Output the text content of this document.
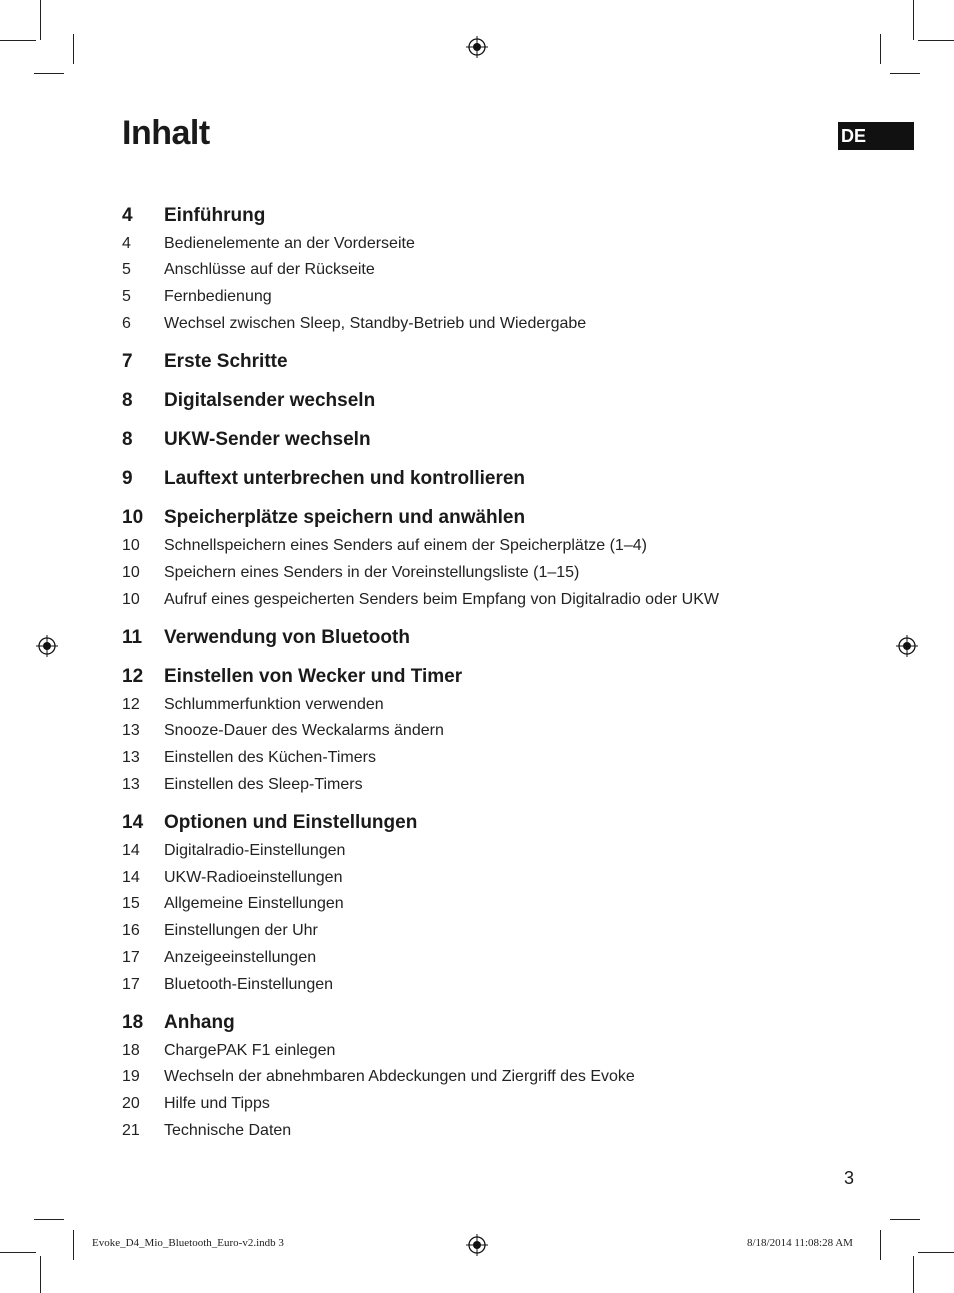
Inhalt	DE
4 Einführung
4 Bedienelemente an der Vorderseite
5 Anschlüsse auf der Rückseite
5 Fernbedienung
6 Wechsel zwischen Sleep, Standby-Betrieb und Wiedergabe
7 Erste Schritte
8 Digitalsender wechseln
8 UKW-Sender wechseln
9 Lauftext unterbrechen und kontrollieren
10 Speicherplätze speichern und anwählen
10 Schnellspeichern eines Senders auf einem der Speicherplätze (1–4)
10 Speichern eines Senders in der Voreinstellungsliste (1–15)
10 Aufruf eines gespeicherten Senders beim Empfang von Digitalradio oder UKW
11 Verwendung von Bluetooth
12 Einstellen von Wecker und Timer
12 Schlummerfunktion verwenden
13 Snooze-Dauer des Weckalarms ändern
13 Einstellen des Küchen-Timers
13 Einstellen des Sleep-Timers
14 Optionen und Einstellungen
14 Digitalradio-Einstellungen
14 UKW-Radioeinstellungen
15 Allgemeine Einstellungen
16 Einstellungen der Uhr
17 Anzeigeeinstellungen
17 Bluetooth-Einstellungen
18 Anhang
18 ChargePAK F1 einlegen
19 Wechseln der abnehmbaren Abdeckungen und Ziergriff des Evoke
20 Hilfe und Tipps
21 Technische Daten
3
Evoke_D4_Mio_Bluetooth_Euro-v2.indb 3	8/18/2014 11:08:28 AM
